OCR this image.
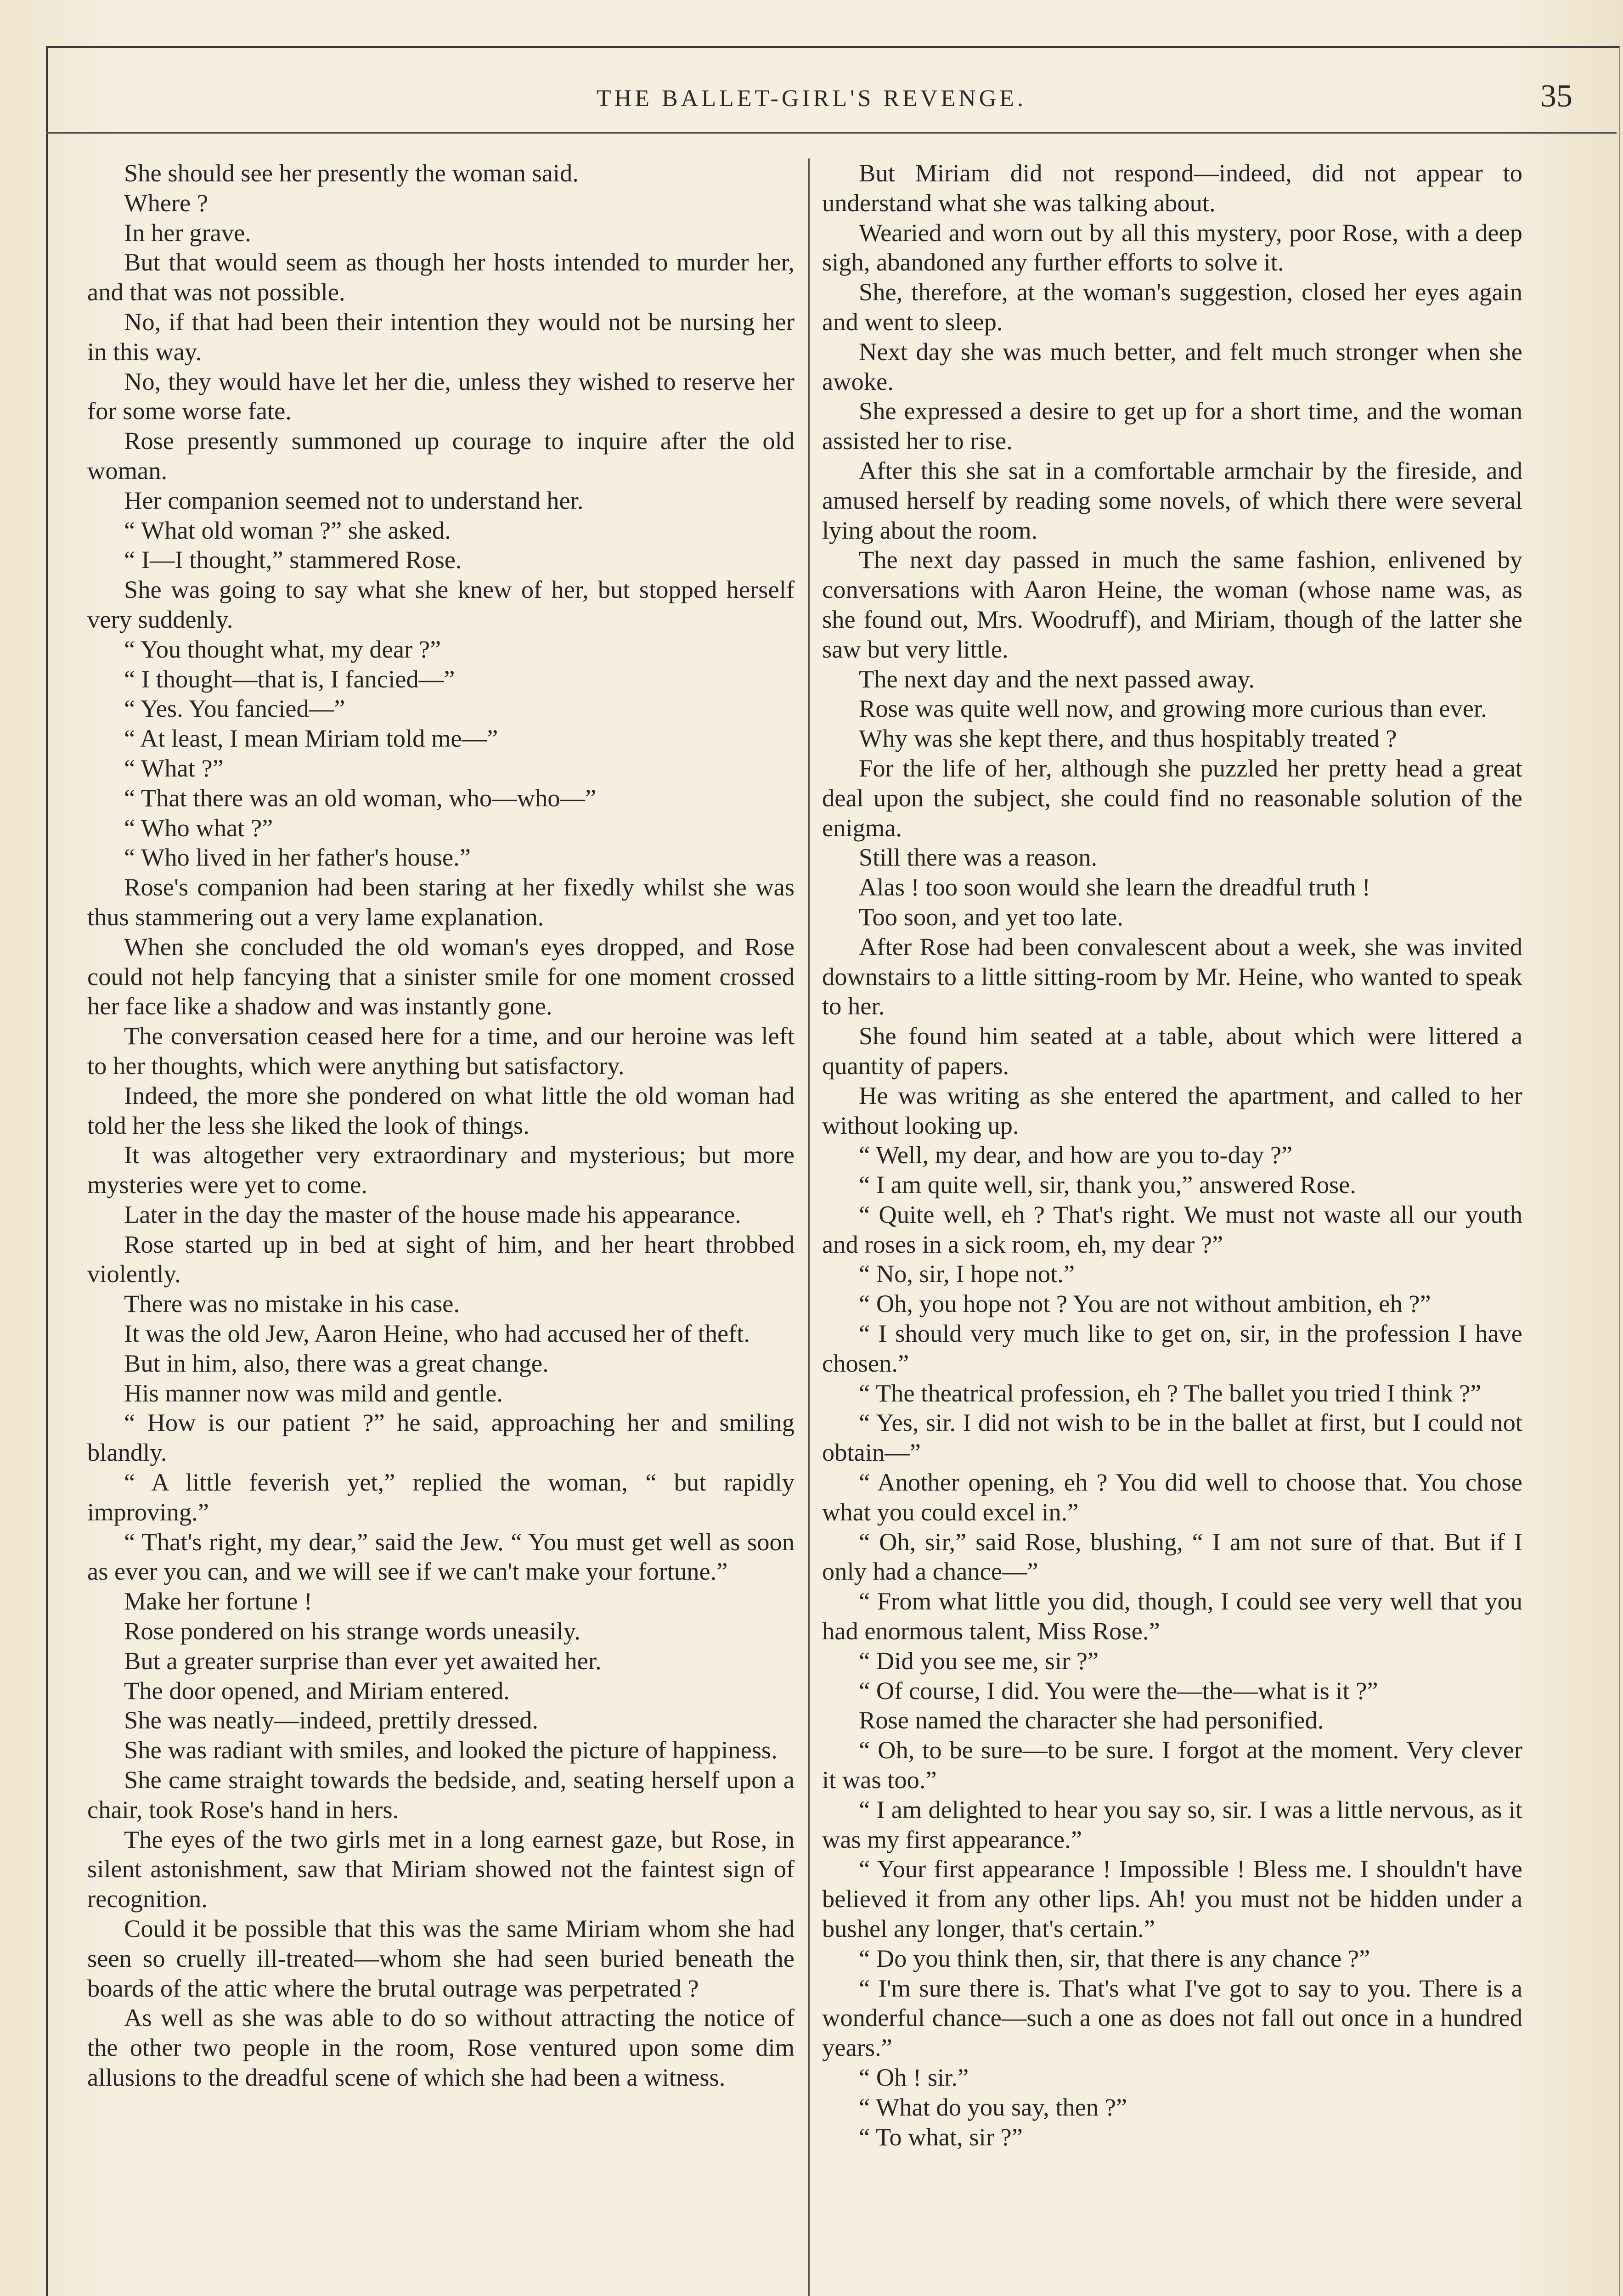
THE BALLET-GIRL'S REVENGE.	35

She should see her presently the woman said.

Where ?

In her grave.

But that would seem as though her hosts intended to murder her, and that was not possible.

No, if that had been their intention they would not be nursing her in this way.

No, they would have let her die, unless they wished to reserve her for some worse fate.

Rose presently summoned up courage to inquire after the old woman.

Her companion seemed not to understand her.

“ What old woman ?” she asked.

“ I—I thought,” stammered Rose.

She was going to say what she knew of her, but stopped herself very suddenly.

“ You thought what, my dear ?”

“ I thought—that is, I fancied—”

“ Yes. You fancied—”

“ At least, I mean Miriam told me—”

“ What ?”

“ That there was an old woman, who—who—”

“ Who what ?”

“ Who lived in her father's house.”

Rose's companion had been staring at her fixedly whilst she was thus stammering out a very lame explanation.

When she concluded the old woman's eyes dropped, and Rose could not help fancying that a sinister smile for one moment crossed her face like a shadow and was instantly gone.

The conversation ceased here for a time, and our heroine was left to her thoughts, which were anything but satisfactory.

Indeed, the more she pondered on what little the old woman had told her the less she liked the look of things.

It was altogether very extraordinary and mysterious; but more mysteries were yet to come.

Later in the day the master of the house made his appearance.

Rose started up in bed at sight of him, and her heart throbbed violently.

There was no mistake in his case.

It was the old Jew, Aaron Heine, who had accused her of theft.

But in him, also, there was a great change.

His manner now was mild and gentle.

“ How is our patient ?” he said, approaching her and smiling blandly.

“ A little feverish yet,” replied the woman, “ but rapidly improving.”

“ That's right, my dear,” said the Jew. “ You must get well as soon as ever you can, and we will see if we can't make your fortune.”

Make her fortune !

Rose pondered on his strange words uneasily.

But a greater surprise than ever yet awaited her.

The door opened, and Miriam entered.

She was neatly—indeed, prettily dressed.

She was radiant with smiles, and looked the picture of happiness.

She came straight towards the bedside, and, seating herself upon a chair, took Rose's hand in hers.

The eyes of the two girls met in a long earnest gaze, but Rose, in silent astonishment, saw that Miriam showed not the faintest sign of recognition.

Could it be possible that this was the same Miriam whom she had seen so cruelly ill-treated—whom she had seen buried beneath the boards of the attic where the brutal outrage was perpetrated ?

As well as she was able to do so without attracting the notice of the other two people in the room, Rose ventured upon some dim allusions to the dreadful scene of which she had been a witness.

But Miriam did not respond—indeed, did not appear to understand what she was talking about.

Wearied and worn out by all this mystery, poor Rose, with a deep sigh, abandoned any further efforts to solve it.

She, therefore, at the woman's suggestion, closed her eyes again and went to sleep.

Next day she was much better, and felt much stronger when she awoke.

She expressed a desire to get up for a short time, and the woman assisted her to rise.

After this she sat in a comfortable armchair by the fireside, and amused herself by reading some novels, of which there were several lying about the room.

The next day passed in much the same fashion, enlivened by conversations with Aaron Heine, the woman (whose name was, as she found out, Mrs. Woodruff), and Miriam, though of the latter she saw but very little.

The next day and the next passed away.

Rose was quite well now, and growing more curious than ever.

Why was she kept there, and thus hospitably treated ?

For the life of her, although she puzzled her pretty head a great deal upon the subject, she could find no reasonable solution of the enigma.

Still there was a reason.

Alas ! too soon would she learn the dreadful truth !

Too soon, and yet too late.

After Rose had been convalescent about a week, she was invited downstairs to a little sitting-room by Mr. Heine, who wanted to speak to her.

She found him seated at a table, about which were littered a quantity of papers.

He was writing as she entered the apartment, and called to her without looking up.

“ Well, my dear, and how are you to-day ?”

“ I am quite well, sir, thank you,” answered Rose.

“ Quite well, eh ? That's right. We must not waste all our youth and roses in a sick room, eh, my dear ?”

“ No, sir, I hope not.”

“ Oh, you hope not ? You are not without ambition, eh ?”

“ I should very much like to get on, sir, in the profession I have chosen.”

“ The theatrical profession, eh ? The ballet you tried I think ?”

“ Yes, sir. I did not wish to be in the ballet at first, but I could not obtain—”

“ Another opening, eh ? You did well to choose that. You chose what you could excel in.”

“ Oh, sir,” said Rose, blushing, “ I am not sure of that. But if I only had a chance—”

“ From what little you did, though, I could see very well that you had enormous talent, Miss Rose.”

“ Did you see me, sir ?”

“ Of course, I did. You were the—the—what is it ?”

Rose named the character she had personified.

“ Oh, to be sure—to be sure. I forgot at the moment. Very clever it was too.”

“ I am delighted to hear you say so, sir. I was a little nervous, as it was my first appearance.”

“ Your first appearance ! Impossible ! Bless me. I shouldn't have believed it from any other lips. Ah! you must not be hidden under a bushel any longer, that's certain.”

“ Do you think then, sir, that there is any chance ?”

“ I'm sure there is. That's what I've got to say to you. There is a wonderful chance—such a one as does not fall out once in a hundred years.”

“ Oh ! sir.”

“ What do you say, then ?”

“ To what, sir ?”
